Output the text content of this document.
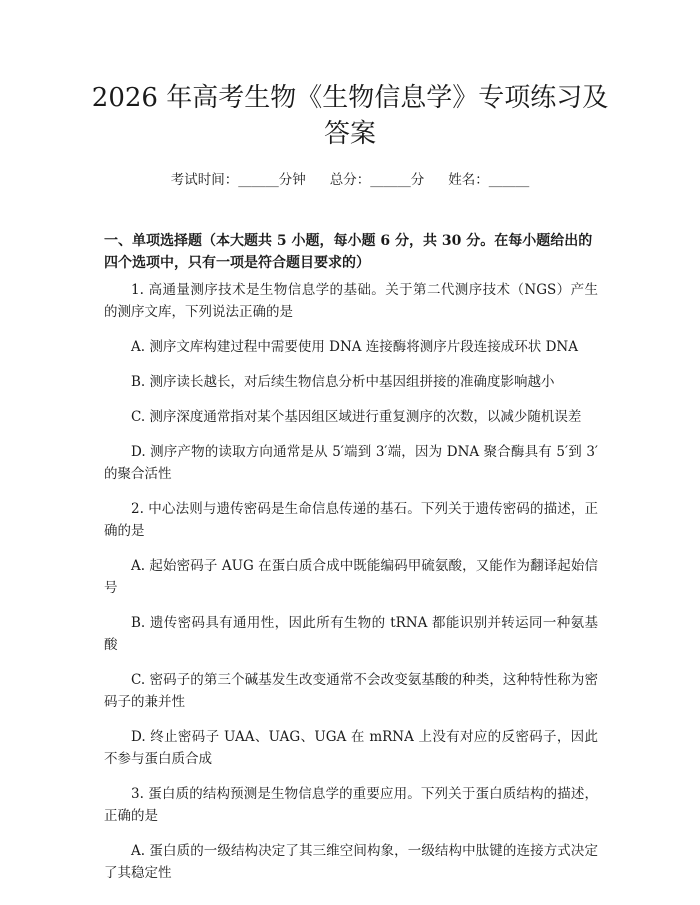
2026 年高考生物《生物信息学》专项练习及
答案
考试时间：______分钟 总分：______分 姓名：______
一、单项选择题（本大题共 5 小题，每小题 6 分，共 30 分。在每小题给出的四个选项中，只有一项是符合题目要求的）

1. 高通量测序技术是生物信息学的基础。关于第二代测序技术（NGS）产生的测序文库，下列说法正确的是

A. 测序文库构建过程中需要使用 DNA 连接酶将测序片段连接成环状 DNA

B. 测序读长越长，对后续生物信息分析中基因组拼接的准确度影响越小

C. 测序深度通常指对某个基因组区域进行重复测序的次数，以减少随机误差

D. 测序产物的读取方向通常是从 5′端到 3′端，因为 DNA 聚合酶具有 5′到 3′的聚合活性

2. 中心法则与遗传密码是生命信息传递的基石。下列关于遗传密码的描述，正确的是

A. 起始密码子 AUG 在蛋白质合成中既能编码甲硫氨酸，又能作为翻译起始信号

B. 遗传密码具有通用性，因此所有生物的 tRNA 都能识别并转运同一种氨基酸

C. 密码子的第三个碱基发生改变通常不会改变氨基酸的种类，这种特性称为密码子的兼并性

D. 终止密码子 UAA、UAG、UGA 在 mRNA 上没有对应的反密码子，因此不参与蛋白质合成

3. 蛋白质的结构预测是生物信息学的重要应用。下列关于蛋白质结构的描述，正确的是

A. 蛋白质的一级结构决定了其三维空间构象，一级结构中肽键的连接方式决定了其稳定性
